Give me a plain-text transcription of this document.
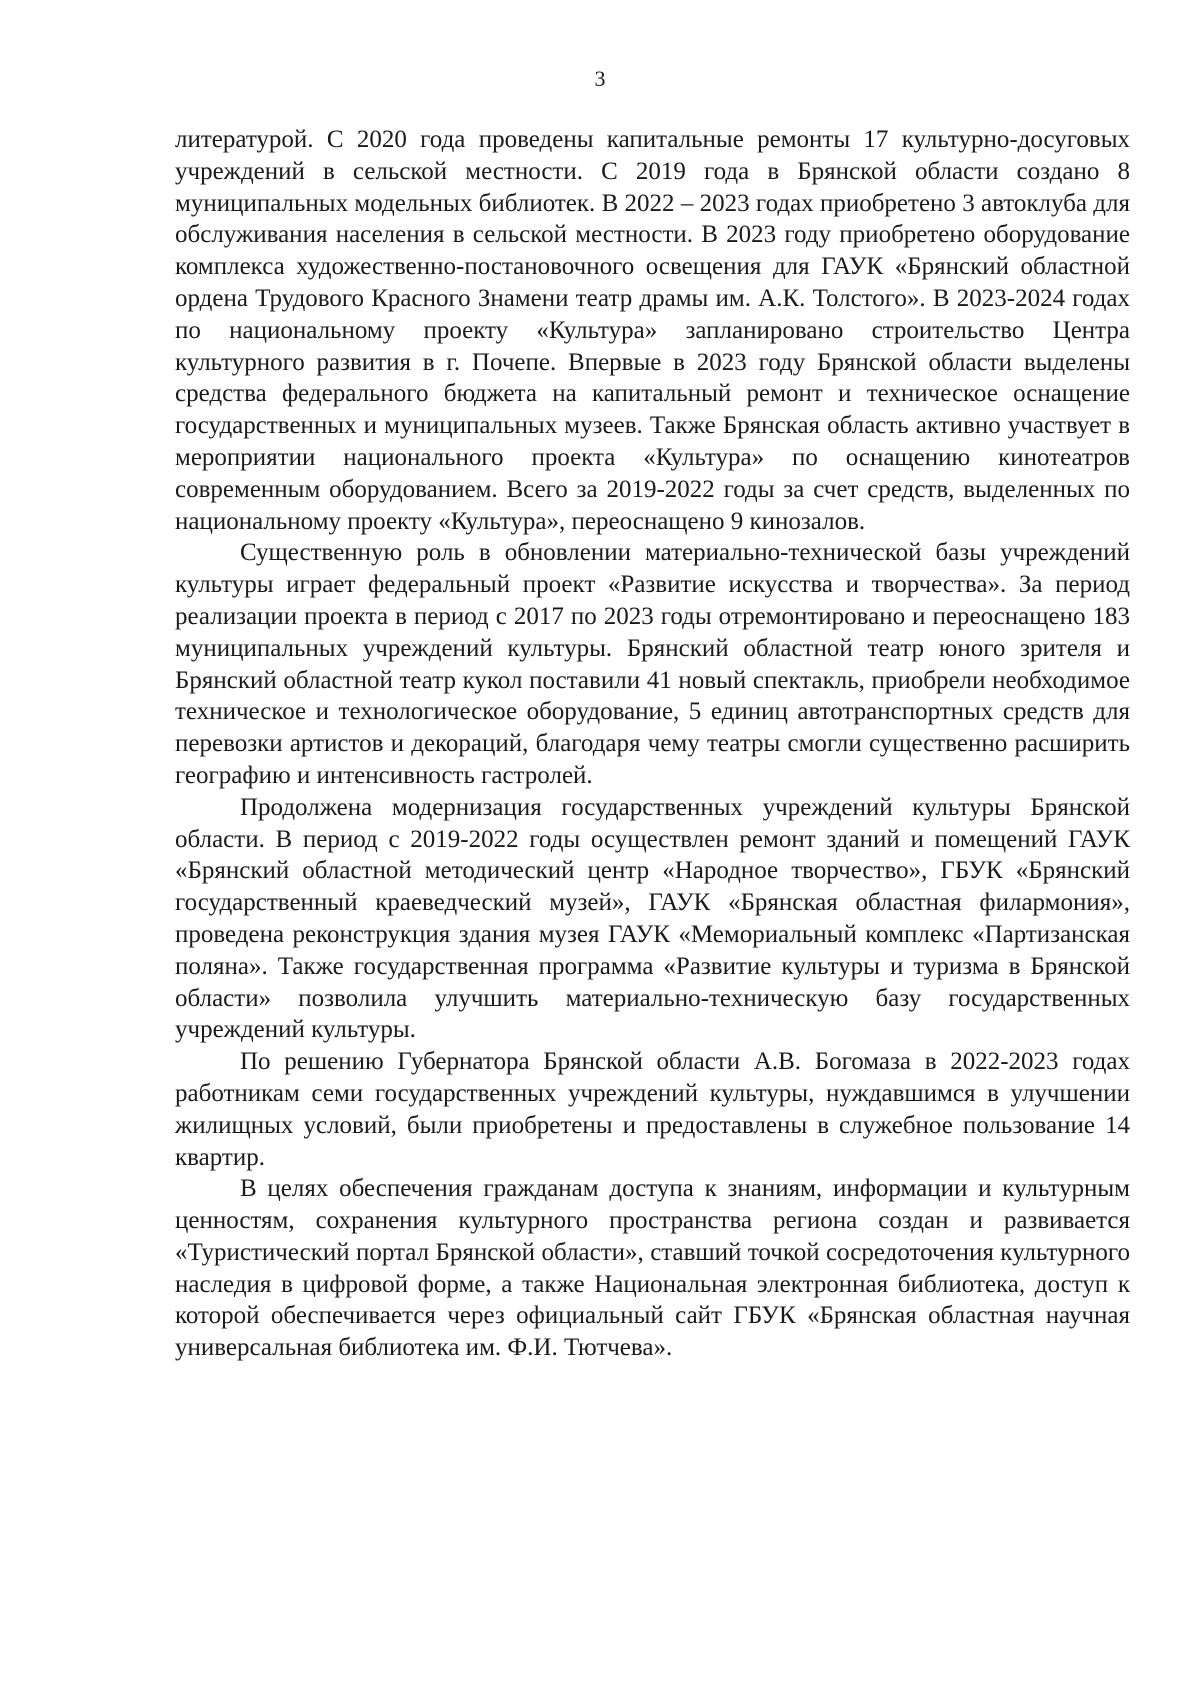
3

литературой. С 2020 года проведены капитальные ремонты 17 культурно-досуговых учреждений в сельской местности. С 2019 года в Брянской области создано 8 муниципальных модельных библиотек. В 2022 – 2023 годах приобретено 3 автоклуба для обслуживания населения в сельской местности. В 2023 году приобретено оборудование комплекса художественно-постановочного освещения для ГАУК «Брянский областной ордена Трудового Красного Знамени театр драмы им. А.К. Толстого». В 2023-2024 годах по национальному проекту «Культура» запланировано строительство Центра культурного развития в г. Почепе. Впервые в 2023 году Брянской области выделены средства федерального бюджета на капитальный ремонт и техническое оснащение государственных и муниципальных музеев. Также Брянская область активно участвует в мероприятии национального проекта «Культура» по оснащению кинотеатров современным оборудованием. Всего за 2019-2022 годы за счет средств, выделенных по национальному проекту «Культура», переоснащено 9 кинозалов.

Существенную роль в обновлении материально-технической базы учреждений культуры играет федеральный проект «Развитие искусства и творчества». За период реализации проекта в период с 2017 по 2023 годы отремонтировано и переоснащено 183 муниципальных учреждений культуры. Брянский областной театр юного зрителя и Брянский областной театр кукол поставили 41 новый спектакль, приобрели необходимое техническое и технологическое оборудование, 5 единиц автотранспортных средств для перевозки артистов и декораций, благодаря чему театры смогли существенно расширить географию и интенсивность гастролей.

Продолжена модернизация государственных учреждений культуры Брянской области. В период с 2019-2022 годы осуществлен ремонт зданий и помещений ГАУК «Брянский областной методический центр «Народное творчество», ГБУК «Брянский государственный краеведческий музей», ГАУК «Брянская областная филармония», проведена реконструкция здания музея ГАУК «Мемориальный комплекс «Партизанская поляна». Также государственная программа «Развитие культуры и туризма в Брянской области» позволила улучшить материально-техническую базу государственных учреждений культуры.

По решению Губернатора Брянской области А.В. Богомаза в 2022-2023 годах работникам семи государственных учреждений культуры, нуждавшимся в улучшении жилищных условий, были приобретены и предоставлены в служебное пользование 14 квартир.

В целях обеспечения гражданам доступа к знаниям, информации и культурным ценностям, сохранения культурного пространства региона создан и развивается «Туристический портал Брянской области», ставший точкой сосредоточения культурного наследия в цифровой форме, а также Национальная электронная библиотека, доступ к которой обеспечивается через официальный сайт ГБУК «Брянская областная научная универсальная библиотека им. Ф.И. Тютчева».
